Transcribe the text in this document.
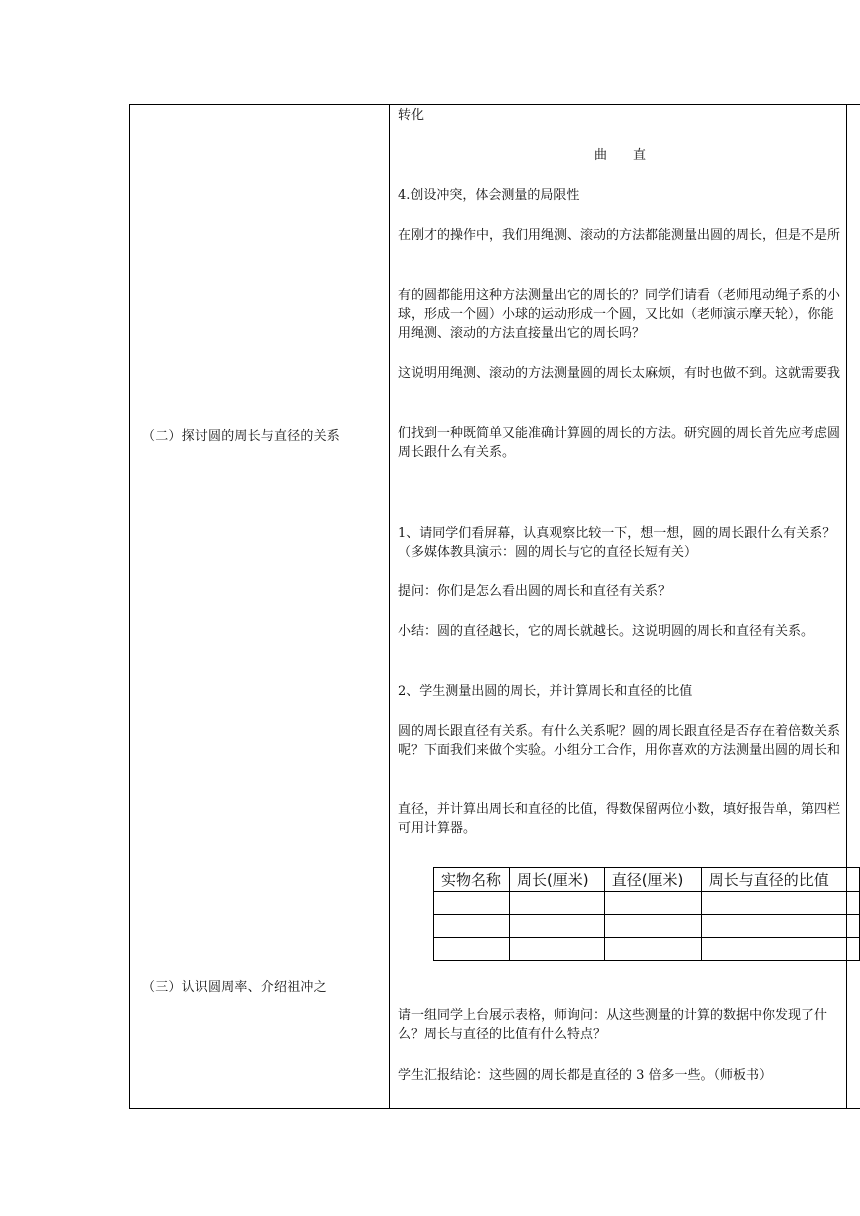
（二）探讨圆的周长与直径的关系
（三）认识圆周率、介绍祖冲之
转化
曲　　直
4.创设冲突，体会测量的局限性
在刚才的操作中，我们用绳测、滚动的方法都能测量出圆的周长，但是不是所
有的圆都能用这种方法测量出它的周长的？同学们请看（老师甩动绳子系的小球，形成一个圆）小球的运动形成一个圆，又比如（老师演示摩天轮），你能用绳测、滚动的方法直接量出它的周长吗？
这说明用绳测、滚动的方法测量圆的周长太麻烦，有时也做不到。这就需要我
们找到一种既简单又能准确计算圆的周长的方法。研究圆的周长首先应考虑圆周长跟什么有关系。
1、请同学们看屏幕，认真观察比较一下，想一想，圆的周长跟什么有关系？（多媒体教具演示：圆的周长与它的直径长短有关）
提问：你们是怎么看出圆的周长和直径有关系？
小结：圆的直径越长，它的周长就越长。这说明圆的周长和直径有关系。
2、学生测量出圆的周长，并计算周长和直径的比值
圆的周长跟直径有关系。有什么关系呢？圆的周长跟直径是否存在着倍数关系呢？下面我们来做个实验。小组分工合作，用你喜欢的方法测量出圆的周长和
直径，并计算出周长和直径的比值，得数保留两位小数，填好报告单，第四栏可用计算器。
实物名称	周长(厘米)	直径(厘米)	周长与直径的比值

请一组同学上台展示表格，师询问：从这些测量的计算的数据中你发现了什么？周长与直径的比值有什么特点？
学生汇报结论：这些圆的周长都是直径的 3 倍多一些。（师板书）
